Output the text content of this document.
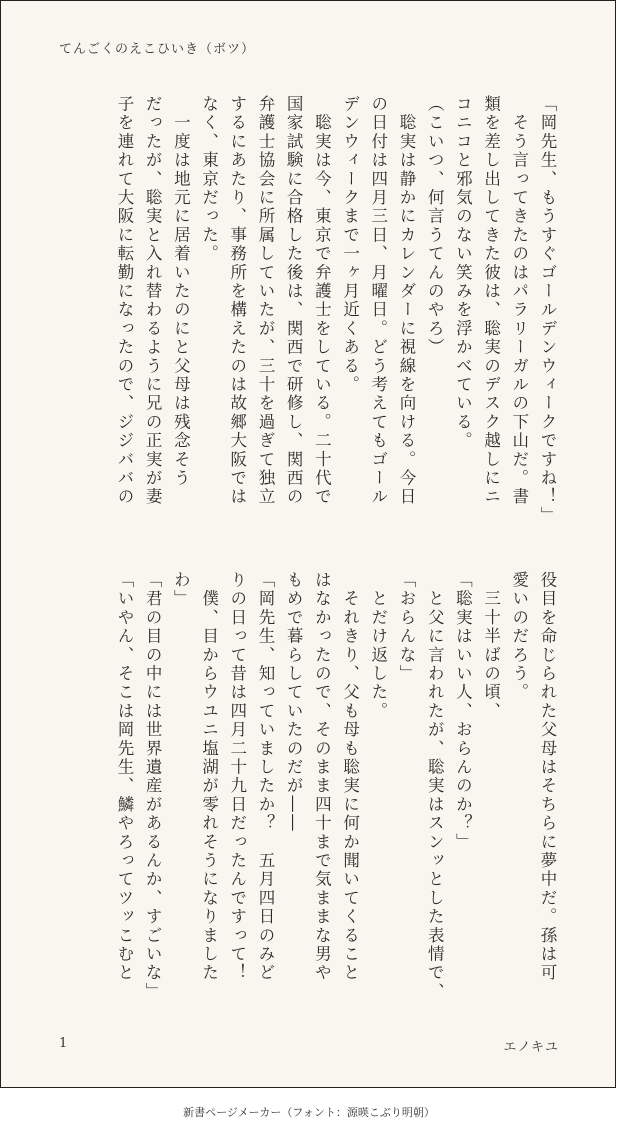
てんごくのえこひいき（ボツ）

「岡先生、もうすぐゴールデンウィークですね！」

　そう言ってきたのはパラリーガルの下山だ。書

類を差し出してきた彼は、聡実のデスク越しにニ

コニコと邪気のない笑みを浮かべている。

（こいつ、何言うてんのやろ）

　聡実は静かにカレンダーに視線を向ける。今日

の日付は四月三日、月曜日。どう考えてもゴール

デンウィークまで一ヶ月近くある。

　聡実は今、東京で弁護士をしている。二十代で

国家試験に合格した後は、関西で研修し、関西の

弁護士協会に所属していたが、三十を過ぎて独立

するにあたり、事務所を構えたのは故郷大阪では

なく、東京だった。

　一度は地元に居着いたのにと父母は残念そう

だったが、聡実と入れ替わるように兄の正実が妻

子を連れて大阪に転勤になったので、ジジババの

役目を命じられた父母はそちらに夢中だ。孫は可

愛いのだろう。

　三十半ばの頃、

「聡実はいい人、おらんのか？」

　と父に言われたが、聡実はスンッとした表情で、

「おらんな」

　とだけ返した。

　それきり、父も母も聡実に何か聞いてくること

はなかったので、そのまま四十まで気ままな男や

もめで暮らしていたのだが――

「岡先生、知っていましたか？　五月四日のみど

りの日って昔は四月二十九日だったんですって！

　僕、目からウユニ塩湖が零れそうになりました

わ」

「君の目の中には世界遺産があるんか、すごいな」

「いやん、そこは岡先生、鱗やろってツッこむと

1	エノキユ
新書ページメーカー（フォント：源暎こぶり明朝）
